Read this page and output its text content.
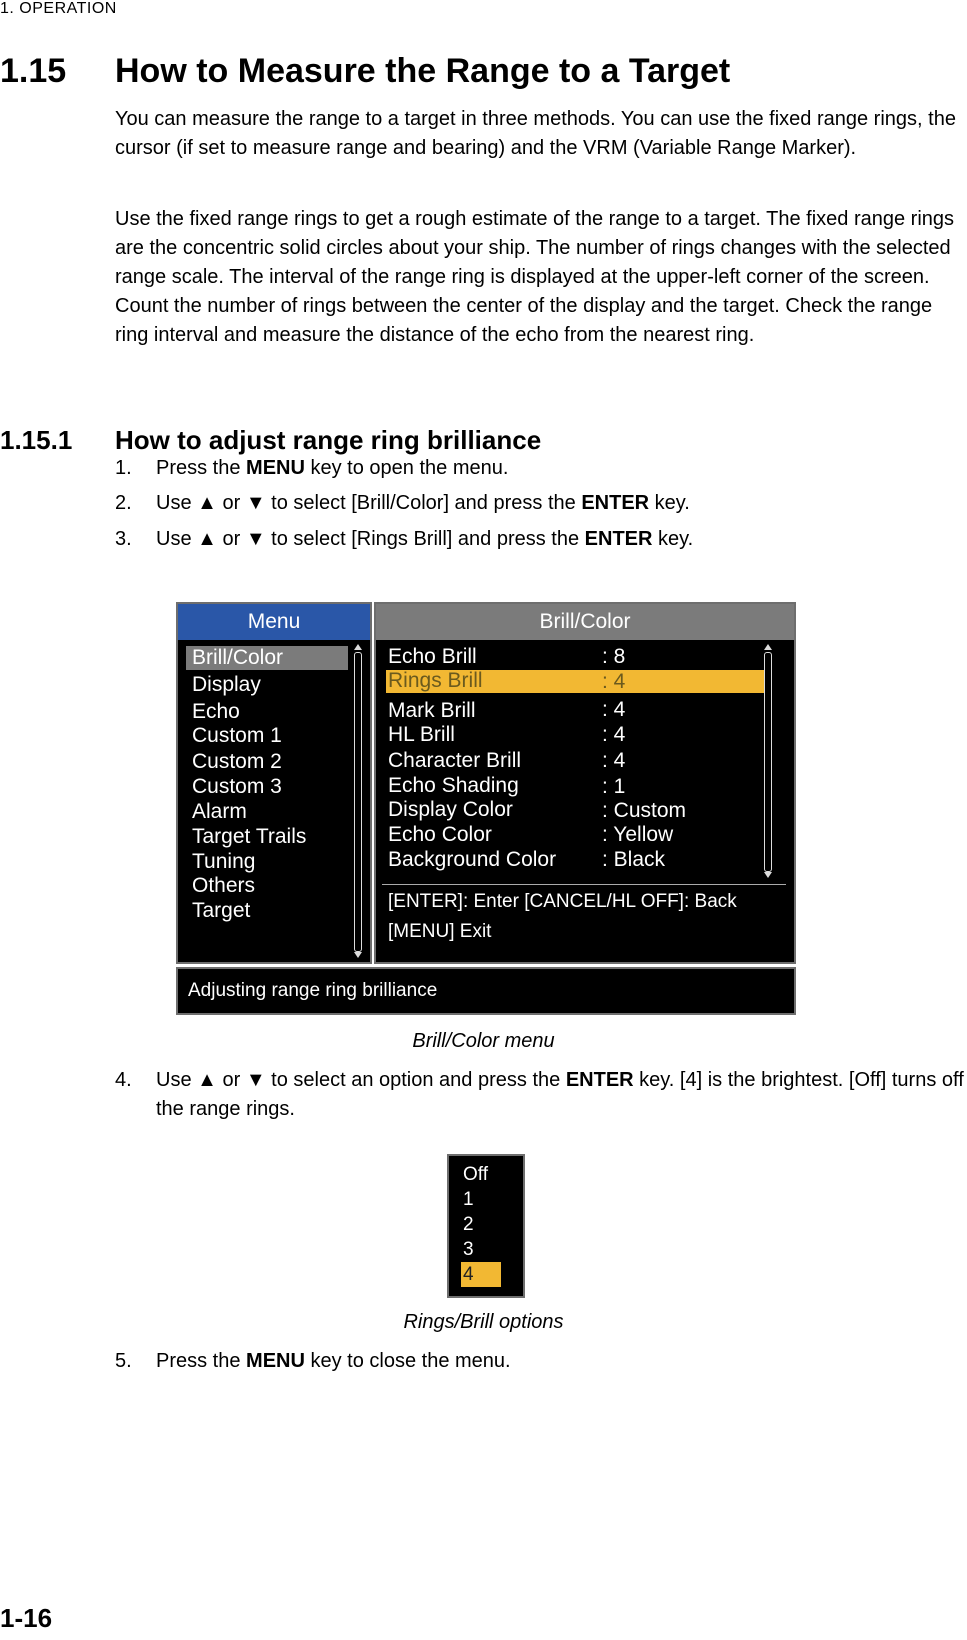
1. OPERATION
1.15 How to Measure the Range to a Target
You can measure the range to a target in three methods. You can use the fixed range rings, the cursor (if set to measure range and bearing) and the VRM (Variable Range Marker).
Use the fixed range rings to get a rough estimate of the range to a target. The fixed range rings are the concentric solid circles about your ship. The number of rings changes with the selected range scale. The interval of the range ring is displayed at the upper-left corner of the screen. Count the number of rings between the center of the display and the target. Check the range ring interval and measure the distance of the echo from the nearest ring.
1.15.1 How to adjust range ring brilliance
1. Press the MENU key to open the menu.
2. Use ▲ or ▼ to select [Brill/Color] and press the ENTER key.
3. Use ▲ or ▼ to select [Rings Brill] and press the ENTER key.
Menu
Brill/Color
Display
Echo
Custom 1
Custom 2
Custom 3
Alarm
Target Trails
Tuning
Others
Target
Brill/Color
Echo Brill	: 8
Rings Brill	: 4
Mark Brill	: 4
HL Brill	: 4
Character Brill	: 4
Echo Shading	: 1
Display Color	: Custom
Echo Color	: Yellow
Background Color : Black
[ENTER]: Enter [CANCEL/HL OFF]: Back
[MENU] Exit
Adjusting range ring brilliance
Brill/Color menu
4. Use ▲ or ▼ to select an option and press the ENTER key. [4] is the brightest. [Off] turns off the range rings.
Off
1
2
3
4
Rings/Brill options
5. Press the MENU key to close the menu.
1-16
